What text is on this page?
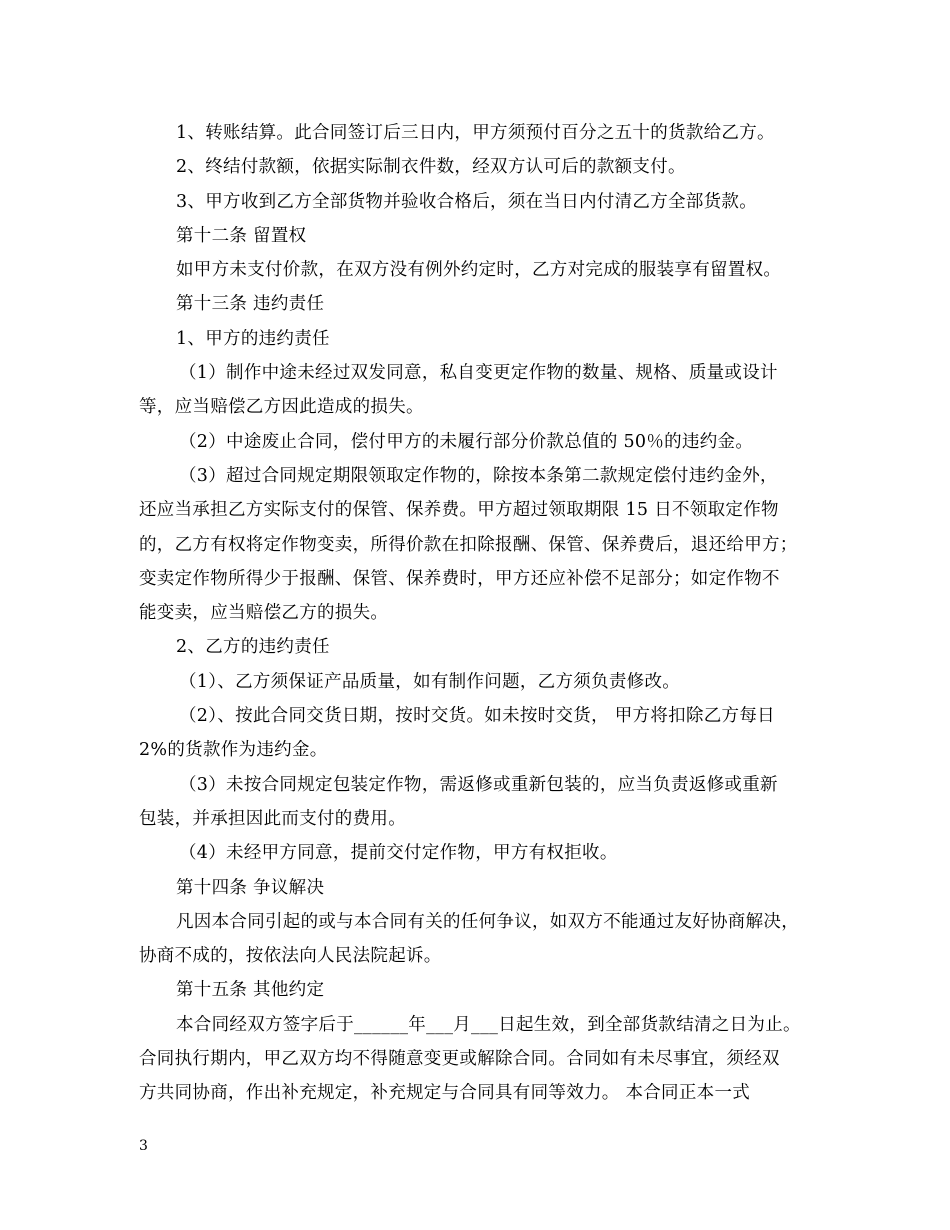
1、转账结算。此合同签订后三日内，甲方须预付百分之五十的货款给乙方。
2、终结付款额，依据实际制衣件数，经双方认可后的款额支付。
3、甲方收到乙方全部货物并验收合格后，须在当日内付清乙方全部货款。
第十二条 留置权
如甲方未支付价款，在双方没有例外约定时，乙方对完成的服装享有留置权。
第十三条 违约责任
1、甲方的违约责任
（1）制作中途未经过双发同意，私自变更定作物的数量、规格、质量或设计
等，应当赔偿乙方因此造成的损失。
（2）中途废止合同，偿付甲方的未履行部分价款总值的 50％的违约金。
（3）超过合同规定期限领取定作物的，除按本条第二款规定偿付违约金外，
还应当承担乙方实际支付的保管、保养费。甲方超过领取期限 15 日不领取定作物
的，乙方有权将定作物变卖，所得价款在扣除报酬、保管、保养费后，退还给甲方；
变卖定作物所得少于报酬、保管、保养费时，甲方还应补偿不足部分；如定作物不
能变卖，应当赔偿乙方的损失。
2、乙方的违约责任
（1）、乙方须保证产品质量，如有制作问题，乙方须负责修改。
（2）、按此合同交货日期，按时交货。如未按时交货， 甲方将扣除乙方每日
2%的货款作为违约金。
（3）未按合同规定包装定作物，需返修或重新包装的，应当负责返修或重新
包装，并承担因此而支付的费用。
（4）未经甲方同意，提前交付定作物，甲方有权拒收。
第十四条 争议解决
凡因本合同引起的或与本合同有关的任何争议，如双方不能通过友好协商解决，
协商不成的，按依法向人民法院起诉。
第十五条 其他约定
本合同经双方签字后于______年___月___日起生效，到全部货款结清之日为止。
合同执行期内，甲乙双方均不得随意变更或解除合同。合同如有未尽事宜，须经双
方共同协商，作出补充规定，补充规定与合同具有同等效力。 本合同正本一式
3
